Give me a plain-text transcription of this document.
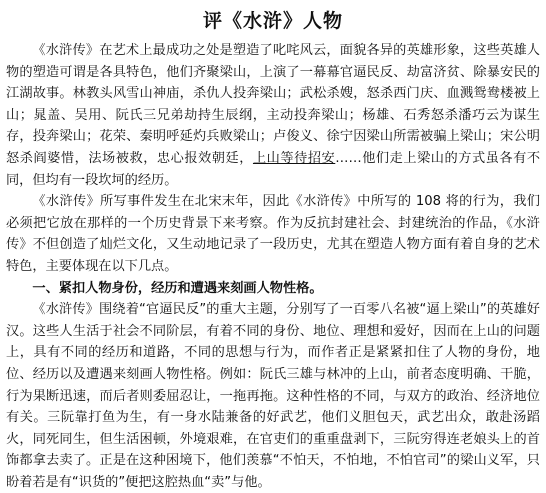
评《水浒》人物

《水浒传》在艺术上最成功之处是塑造了叱咤风云，面貌各异的英雄形象，这些英雄人物的塑造可谓是各具特色，他们齐聚梁山，上演了一幕幕官逼民反、劫富济贫、除暴安民的江湖故事。林教头风雪山神庙，杀仇人投奔梁山；武松杀嫂，怒杀西门庆、血溅鸳鸯楼被上山；晁盖、吴用、阮氏三兄弟劫持生辰纲，主动投奔梁山；杨雄、石秀怒杀潘巧云为谋生存，投奔梁山；花荣、秦明呼延灼兵败梁山；卢俊义、徐宁因梁山所需被骗上梁山；宋公明怒杀阎婆惜，法场被救，忠心报效朝廷，上山等待招安……他们走上梁山的方式虽各有不同，但均有一段坎坷的经历。

《水浒传》所写事件发生在北宋末年，因此《水浒传》中所写的 108 将的行为，我们必须把它放在那样的一个历史背景下来考察。作为反抗封建社会、封建统治的作品，《水浒传》不但创造了灿烂文化，又生动地记录了一段历史，尤其在塑造人物方面有着自身的艺术特色，主要体现在以下几点。

一、紧扣人物身份，经历和遭遇来刻画人物性格。

《水浒传》围绕着“官逼民反”的重大主题，分别写了一百零八名被“逼上梁山”的英雄好汉。这些人生活于社会不同阶层，有着不同的身份、地位、理想和爱好，因而在上山的问题上，具有不同的经历和道路，不同的思想与行为，而作者正是紧紧扣住了人物的身份，地位、经历以及遭遇来刻画人物性格。例如：阮氏三雄与林冲的上山，前者态度明确、干脆，行为果断迅速，而后者则委屈忍让，一拖再拖。这种性格的不同，与双方的政治、经济地位有关。三阮靠打鱼为生，有一身水陆兼备的好武艺，他们义胆包天，武艺出众，敢赴汤蹈火，同死同生，但生活困顿，外境艰难，在官吏们的重重盘剥下，三阮穷得连老娘头上的首饰都拿去卖了。正是在这种困境下，他们羡慕“不怕天，不怕地，不怕官司”的梁山义军，只盼着若是有“识货的”便把这腔热血“卖”与他。
